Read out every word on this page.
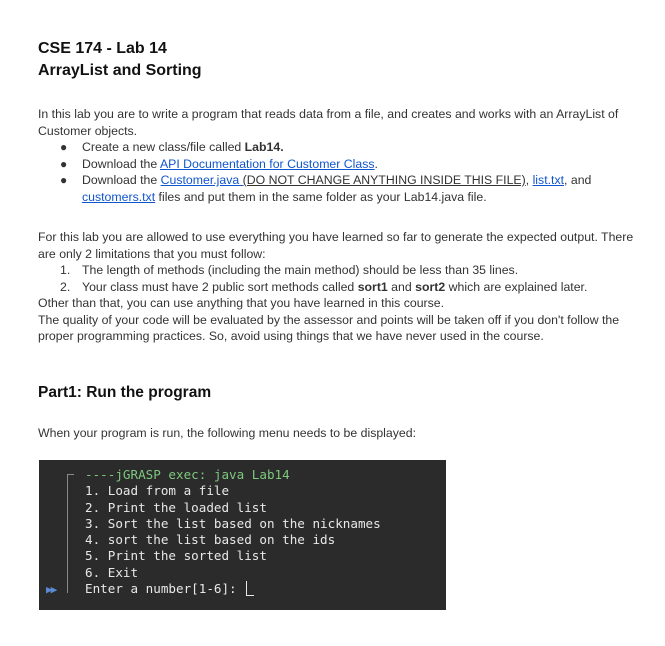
CSE 174 - Lab 14
ArrayList and Sorting

In this lab you are to write a program that reads data from a file, and creates and works with an ArrayList of Customer objects.

● Create a new class/file called Lab14.
● Download the API Documentation for Customer Class.
● Download the Customer.java (DO NOT CHANGE ANYTHING INSIDE THIS FILE), list.txt, and
customers.txt files and put them in the same folder as your Lab14.java file.

For this lab you are allowed to use everything you have learned so far to generate the expected output. There are only 2 limitations that you must follow:

1. The length of methods (including the main method) should be less than 35 lines.
2. Your class must have 2 public sort methods called sort1 and sort2 which are explained later.

Other than that, you can use anything that you have learned in this course.

The quality of your code will be evaluated by the assessor and points will be taken off if you don't follow the proper programming practices. So, avoid using things that we have never used in the course.

Part1: Run the program
When your program is run, the following menu needs to be displayed:
▶▶
----jGRASP exec: java Lab14
1. Load from a file
2. Print the loaded list
3. Sort the list based on the nicknames
4. sort the list based on the ids
5. Print the sorted list
6. Exit
Enter a number[1-6]:
